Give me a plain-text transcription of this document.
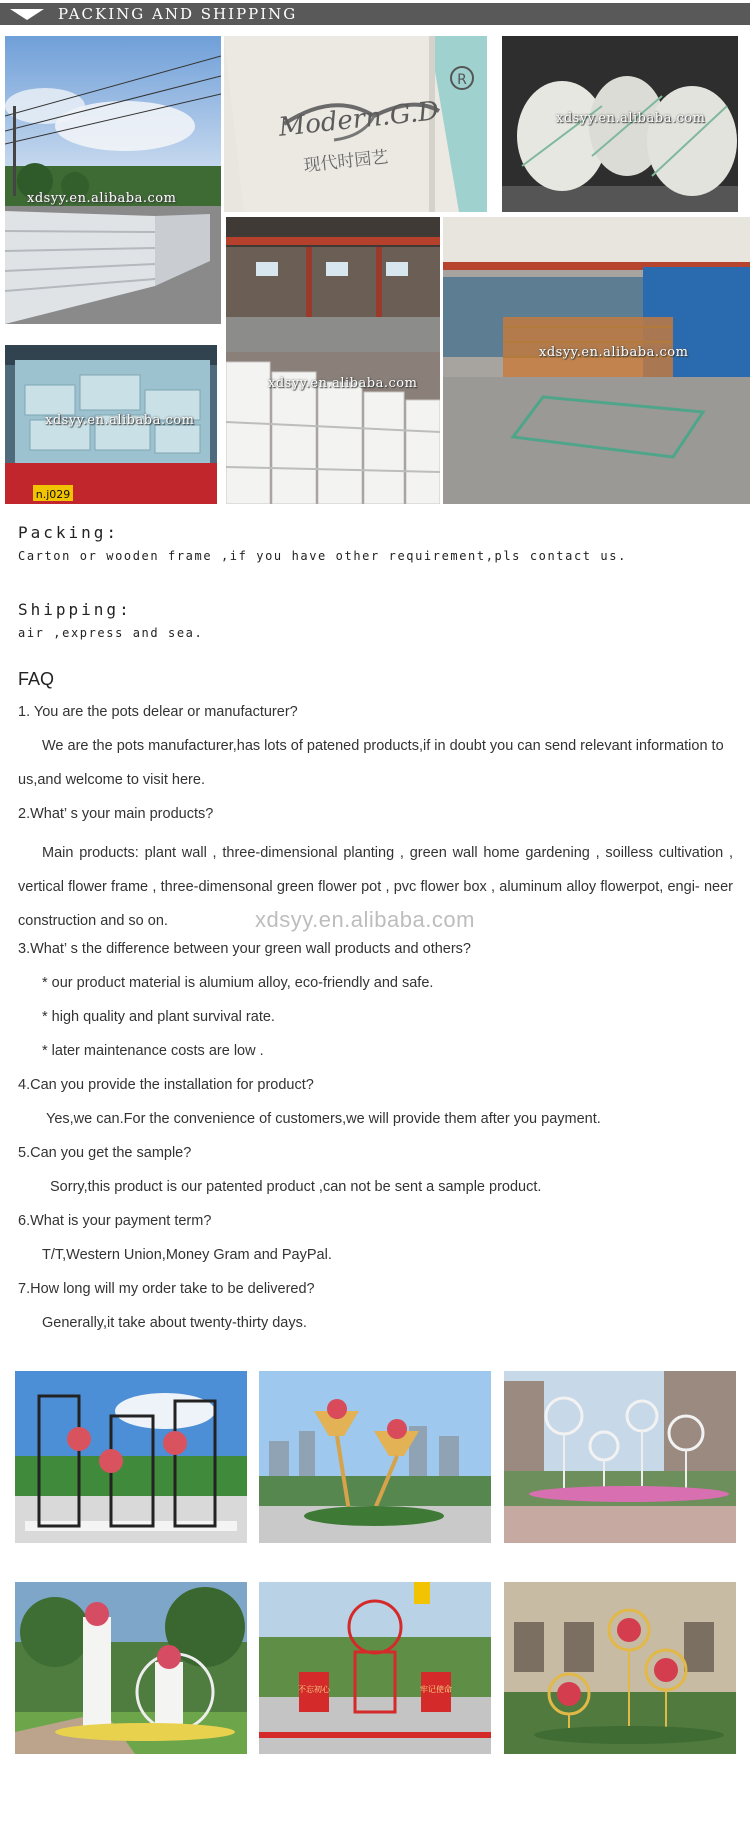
PACKING AND SHIPPING
xdsyy.en.alibaba.com
R
Modern.G.D
现代时园艺
xdsyy.en.alibaba.com
n.j029
xdsyy.en.alibaba.com
xdsyy.en.alibaba.com
xdsyy.en.alibaba.com
Packing:
Carton or wooden frame ,if you have other requirement,pls contact us.
Shipping:
air ,express and sea.
FAQ
1. You are the pots delear or manufacturer?
We are the pots manufacturer,has lots of patened products,if in doubt you can send relevant information to
us,and welcome to visit here.
2.What’ s your main products?
Main products: plant wall , three-dimensional planting , green wall home gardening , soilless cultivation , vertical flower frame , three-dimensonal green flower pot , pvc flower box , aluminum alloy flowerpot, engi- neer construction and so on.	xdsyy.en.alibaba.com
3.What’ s the difference between your green wall products and others?
* our product material is alumium alloy, eco-friendly and safe.
* high quality and plant survival rate.
* later maintenance costs are low .
4.Can you provide the installation for product?
Yes,we can.For the convenience of customers,we will provide them after you payment.
5.Can you get the sample?
Sorry,this product is our patented product ,can not be sent a sample product.
6.What is your payment term?
T/T,Western Union,Money Gram and PayPal.
7.How long will my order take to be delivered?
Generally,it take about twenty-thirty days.
不忘初心	牢记使命
